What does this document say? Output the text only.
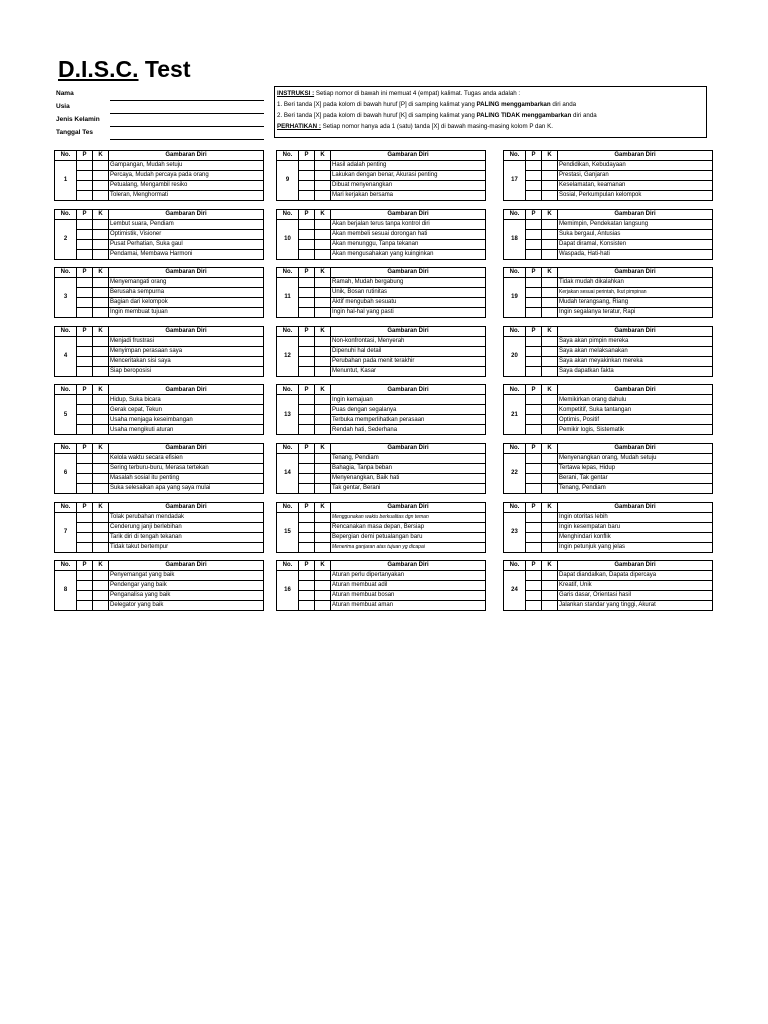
D.I.S.C. Test
Nama
Usia
Jenis Kelamin
Tanggal Tes
INSTRUKSI : Setiap nomor di bawah ini memuat 4 (empat) kalimat. Tugas anda adalah :
1. Beri tanda [X] pada kolom di bawah huruf [P] di samping kalimat yang PALING menggambarkan diri anda
2. Beri tanda [X] pada kolom di bawah huruf [K] di samping kalimat yang PALING TIDAK menggambarkan diri anda
PERHATIKAN : Setiap nomor hanya ada 1 (satu) tanda [X] di bawah masing-masing kolom P dan K.
No.	P	K	Gambaran Diri
1			Gampangan, Mudah setuju
			Percaya, Mudah percaya pada orang
			Petualang, Mengambil resiko
			Toleran, Menghormati
No.	P	K	Gambaran Diri
2			Lembut suara, Pendiam
			Optimistik, Visioner
			Pusat Perhatian, Suka gaul
			Pendamai, Membawa Harmoni
No.	P	K	Gambaran Diri
3			Menyemangati orang
			Berusaha sempurna
			Bagian dari kelompok
			Ingin membuat tujuan
No.	P	K	Gambaran Diri
4			Menjadi frustrasi
			Menyimpan perasaan saya
			Menceritakan sisi saya
			Siap beroposisi
No.	P	K	Gambaran Diri
5			Hidup, Suka bicara
			Gerak cepat, Tekun
			Usaha menjaga keseimbangan
			Usaha mengikuti aturan
No.	P	K	Gambaran Diri
6			Kelola waktu secara efisien
			Sering terburu-buru, Merasa tertekan
			Masalah sosial itu penting
			Suka selesaikan apa yang saya mulai
No.	P	K	Gambaran Diri
7			Tolak perubahan mendadak
			Cenderung janji berlebihan
			Tarik diri di tengah tekanan
			Tidak takut bertempur
No.	P	K	Gambaran Diri
8			Penyemangat yang baik
			Pendengar yang baik
			Penganalisa yang baik
			Delegator yang baik
No.	P	K	Gambaran Diri
9			Hasil adalah penting
			Lakukan dengan benar, Akurasi penting
			Dibuat menyenangkan
			Mari kerjakan bersama
No.	P	K	Gambaran Diri
10			Akan berjalan terus tanpa kontrol diri
			Akan membeli sesuai dorongan hati
			Akan menunggu, Tanpa tekanan
			Akan mengusahakan yang kuinginkan
No.	P	K	Gambaran Diri
11			Ramah, Mudah bergabung
			Unik, Bosan rutinitas
			Aktif mengubah sesuatu
			Ingin hal-hal yang pasti
No.	P	K	Gambaran Diri
12			Non-konfrontasi, Menyerah
			Dipenuhi hal detail
			Perubahan pada menit terakhir
			Menuntut, Kasar
No.	P	K	Gambaran Diri
13			Ingin kemajuan
			Puas dengan segalanya
			Terbuka memperlihatkan perasaan
			Rendah hati, Sederhana
No.	P	K	Gambaran Diri
14			Tenang, Pendiam
			Bahagia, Tanpa beban
			Menyenangkan, Baik hati
			Tak gentar, Berani
No.	P	K	Gambaran Diri
15			Menggunakan waktu berkualitas dgn teman
			Rencanakan masa depan, Bersiap
			Bepergian demi petualangan baru
			Menerima ganjaran atas tujuan yg dicapai
No.	P	K	Gambaran Diri
16			Aturan perlu dipertanyakan
			Aturan membuat adil
			Aturan membuat bosan
			Aturan membuat aman
No.	P	K	Gambaran Diri
17			Pendidikan, Kebudayaan
			Prestasi, Ganjaran
			Keselamatan, keamanan
			Sosial, Perkumpulan kelompok
No.	P	K	Gambaran Diri
18			Memimpin, Pendekatan langsung
			Suka bergaul, Antusias
			Dapat diramal, Konsisten
			Waspada, Hati-hati
No.	P	K	Gambaran Diri
19			Tidak mudah dikalahkan
			Kerjakan sesuai perintah, Ikut pimpinan
			Mudah terangsang, Riang
			Ingin segalanya teratur, Rapi
No.	P	K	Gambaran Diri
20			Saya akan pimpin mereka
			Saya akan melaksanakan
			Saya akan meyakinkan mereka
			Saya dapatkan fakta
No.	P	K	Gambaran Diri
21			Memikirkan orang dahulu
			Kompetitif, Suka tantangan
			Optimis, Positif
			Pemikir logis, Sistematik
No.	P	K	Gambaran Diri
22			Menyenangkan orang, Mudah setuju
			Tertawa lepas, Hidup
			Berani, Tak gentar
			Tenang, Pendiam
No.	P	K	Gambaran Diri
23			Ingin otoritas lebih
			Ingin kesempatan baru
			Menghindari konflik
			Ingin petunjuk yang jelas
No.	P	K	Gambaran Diri
24			Dapat diandalkan, Dapata dipercaya
			Kreatif, Unik
			Garis dasar, Orientasi hasil
			Jalankan standar yang tinggi, Akurat
